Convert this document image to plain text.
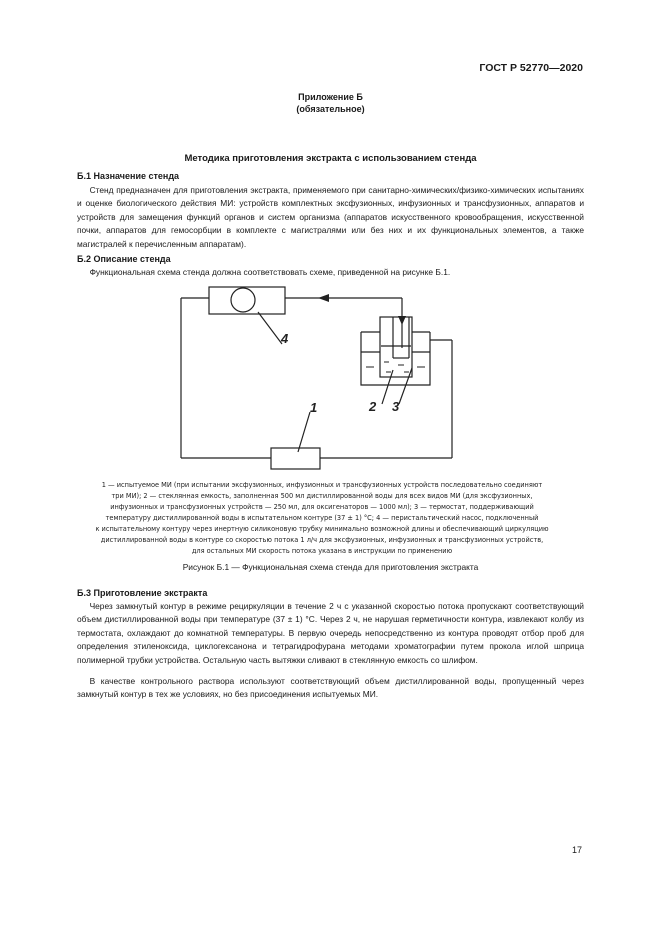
ГОСТ Р 52770—2020
Приложение Б
(обязательное)
Методика приготовления экстракта с использованием стенда
Б.1 Назначение стенда

  Стенд предназначен для приготовления экстракта, применяемого при санитарно-химических/физико-химических испытаниях и оценке биологического действия МИ: устройств комплектных эксфузионных, инфузионных и трансфузионных, аппаратов и устройств для замещения функций органов и систем организма (аппаратов искусственного кровообращения, искусственной почки, аппаратов для гемосорбции в комплекте с магистралями или без них и их функциональных элементов, а также магистралей к перечисленным аппаратам).

Б.2 Описание стенда

  Функциональная схема стенда должна соответствовать схеме, приведенной на рисунке Б.1.

4
1	2 3
1 — испытуемое МИ (при испытании эксфузионных, инфузионных и трансфузионных устройств последовательно соединяют
три МИ); 2 — стеклянная емкость, заполненная 500 мл дистиллированной воды для всех видов МИ (для эксфузионных,
инфузионных и трансфузионных устройств — 250 мл, для оксигенаторов — 1000 мл); 3 — термостат, поддерживающий
температуру дистиллированной воды в испытательном контуре (37 ± 1) °С; 4 — перистальтический насос, подключенный
к испытательному контуру через инертную силиконовую трубку минимально возможной длины и обеспечивающий циркуляцию
дистиллированной воды в контуре со скоростью потока 1 л/ч для эксфузионных, инфузионных и трансфузионных устройств,
для остальных МИ скорость потока указана в инструкции по применению
Рисунок Б.1 — Функциональная схема стенда для приготовления экстракта
Б.3 Приготовление экстракта

  Через замкнутый контур в режиме рециркуляции в течение 2 ч с указанной скоростью потока пропускают соответствующий объем дистиллированной воды при температуре (37 ± 1) °С. Через 2 ч, не нарушая герметичности контура, извлекают колбу из термостата, охлаждают до комнатной температуры. В первую очередь непосредственно из контура проводят отбор проб для определения этиленоксида, циклогексанона и тетрагидрофурана методами хроматографии путем прокола иглой шприца полимерной трубки устройства. Остальную часть вытяжки сливают в стеклянную емкость со шлифом.

  В качестве контрольного раствора используют соответствующий объем дистиллированной воды, пропущенный через замкнутый контур в тех же условиях, но без присоединения испытуемых МИ.

17
